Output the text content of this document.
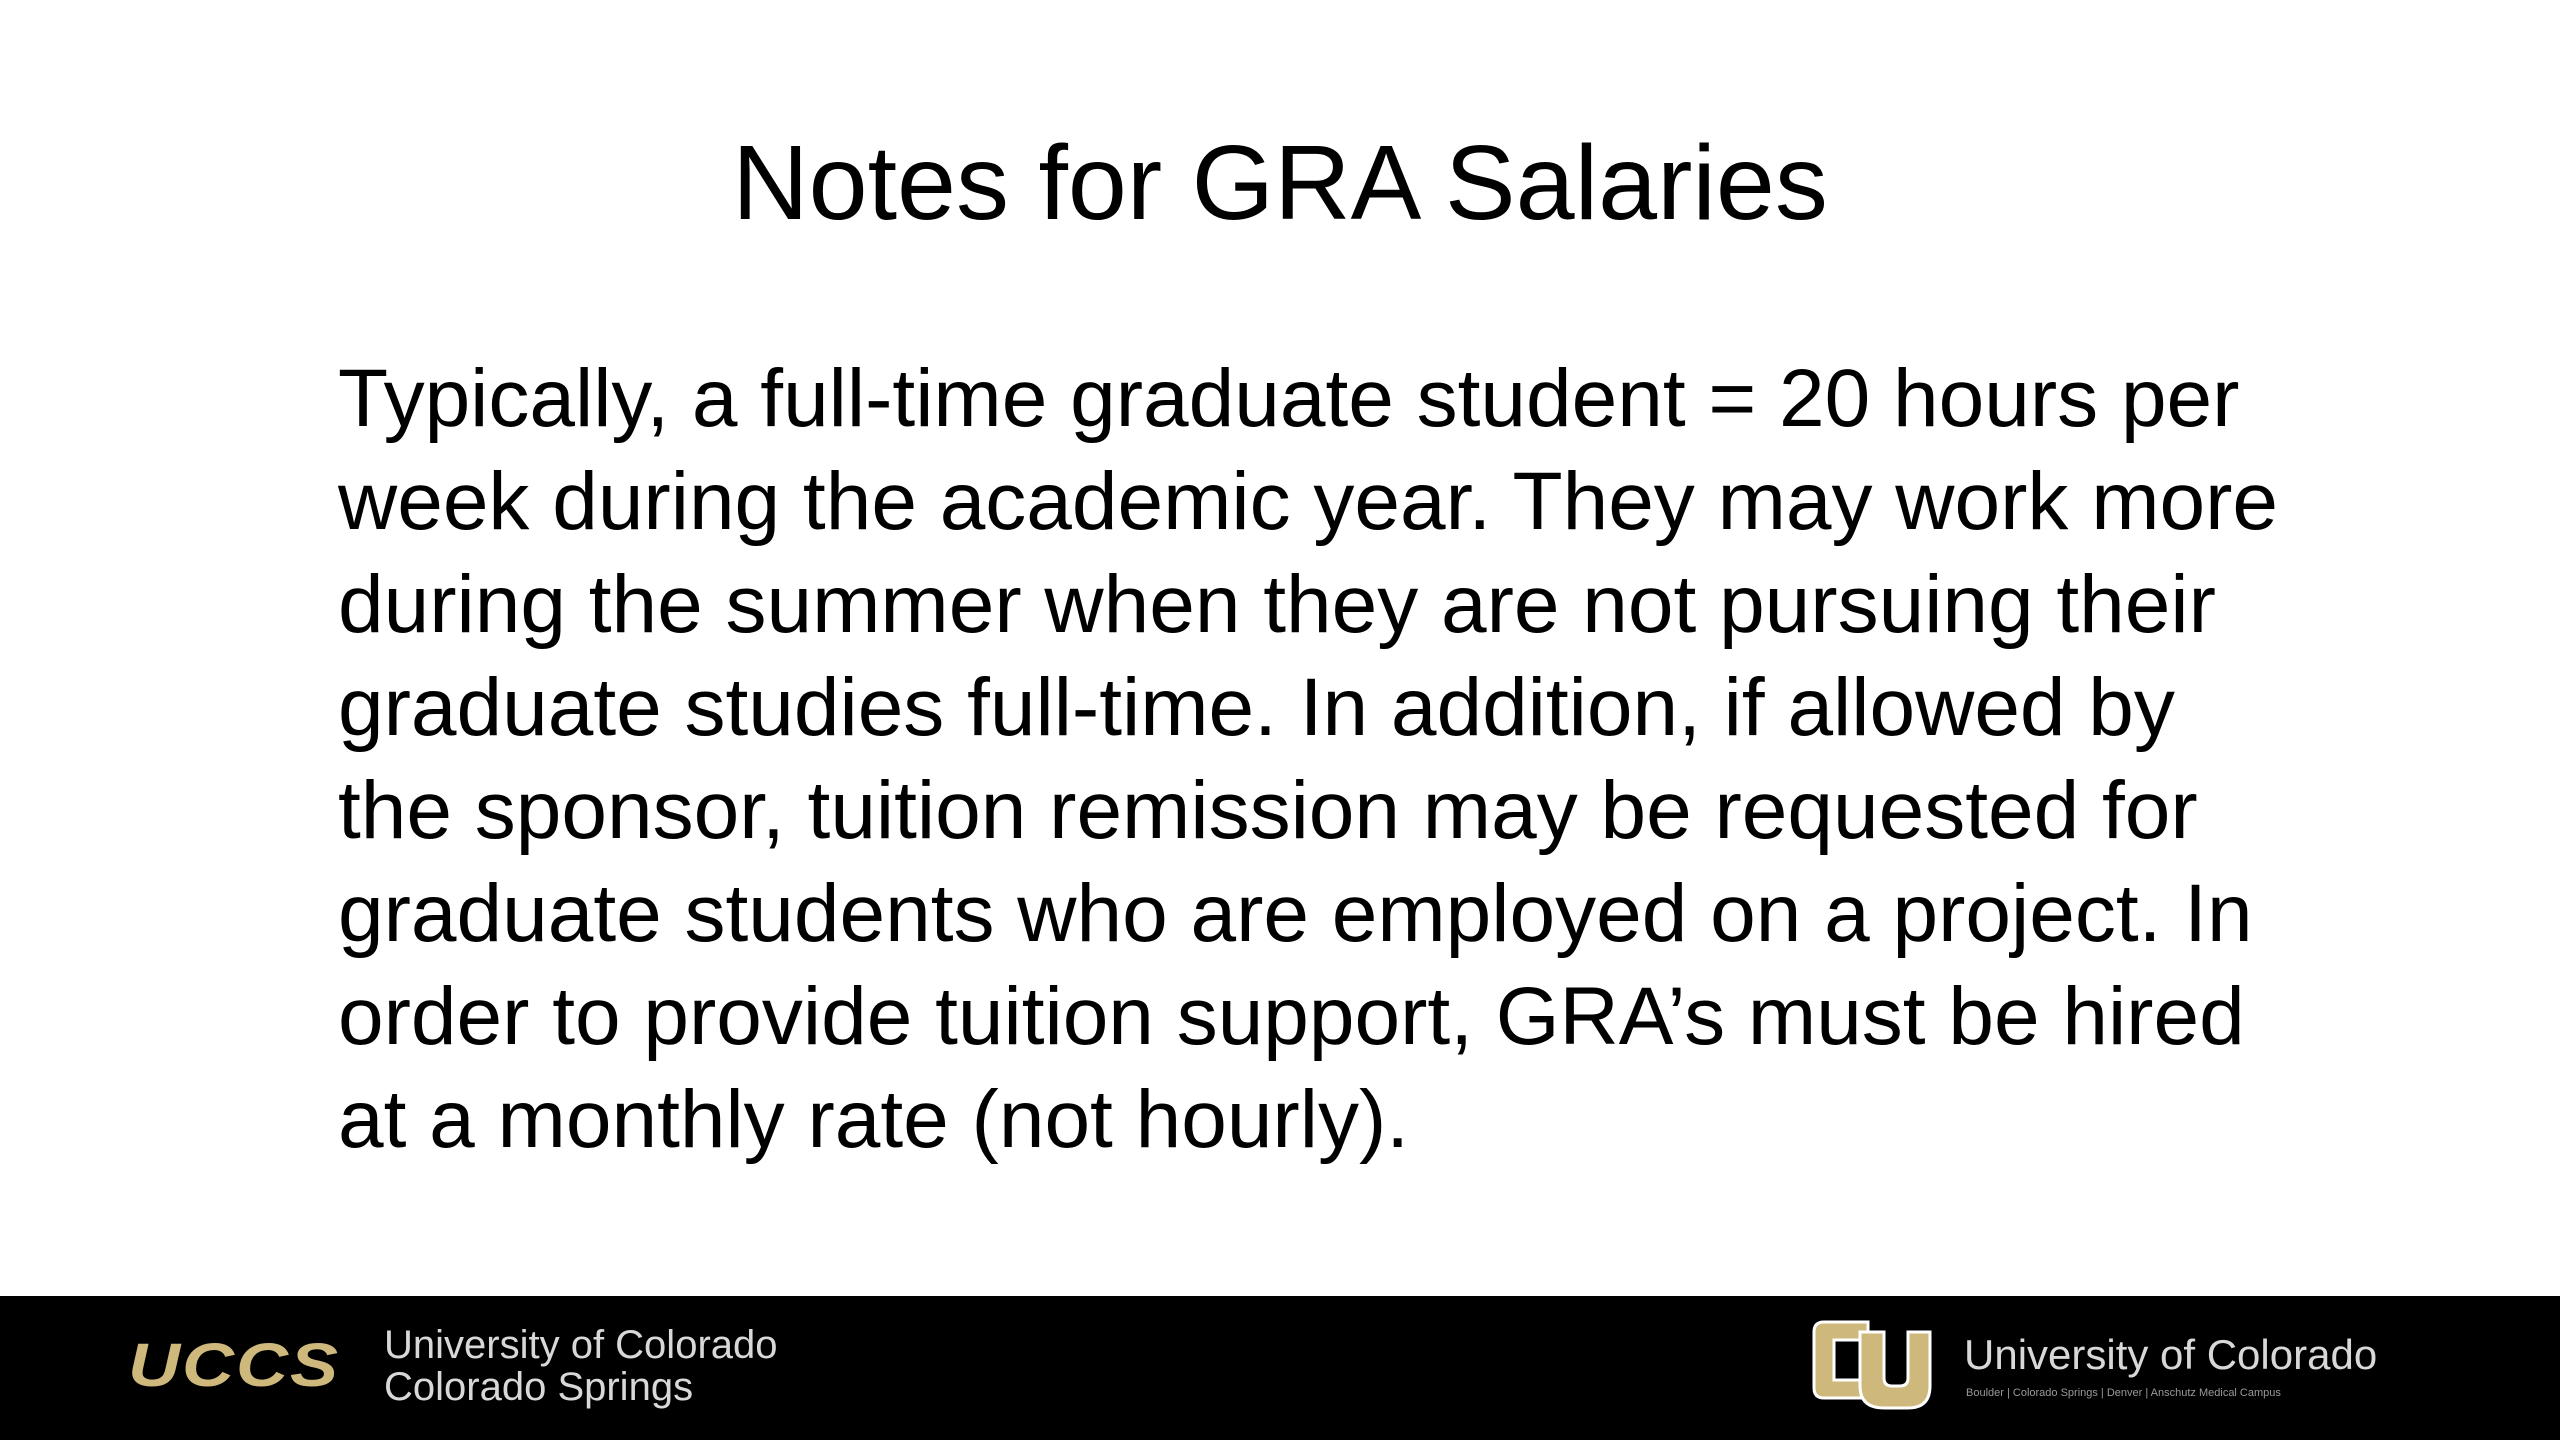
Notes for GRA Salaries

Typically, a full-time graduate student = 20 hours per
week during the academic year. They may work more
during the summer when they are not pursuing their
graduate studies full-time. In addition, if allowed by
the sponsor, tuition remission may be requested for
graduate students who are employed on a project. In
order to provide tuition support, GRA’s must be hired
at a monthly rate (not hourly).

UCCS University of Colorado
Colorado Springs
University of Colorado
Boulder | Colorado Springs | Denver | Anschutz Medical Campus
